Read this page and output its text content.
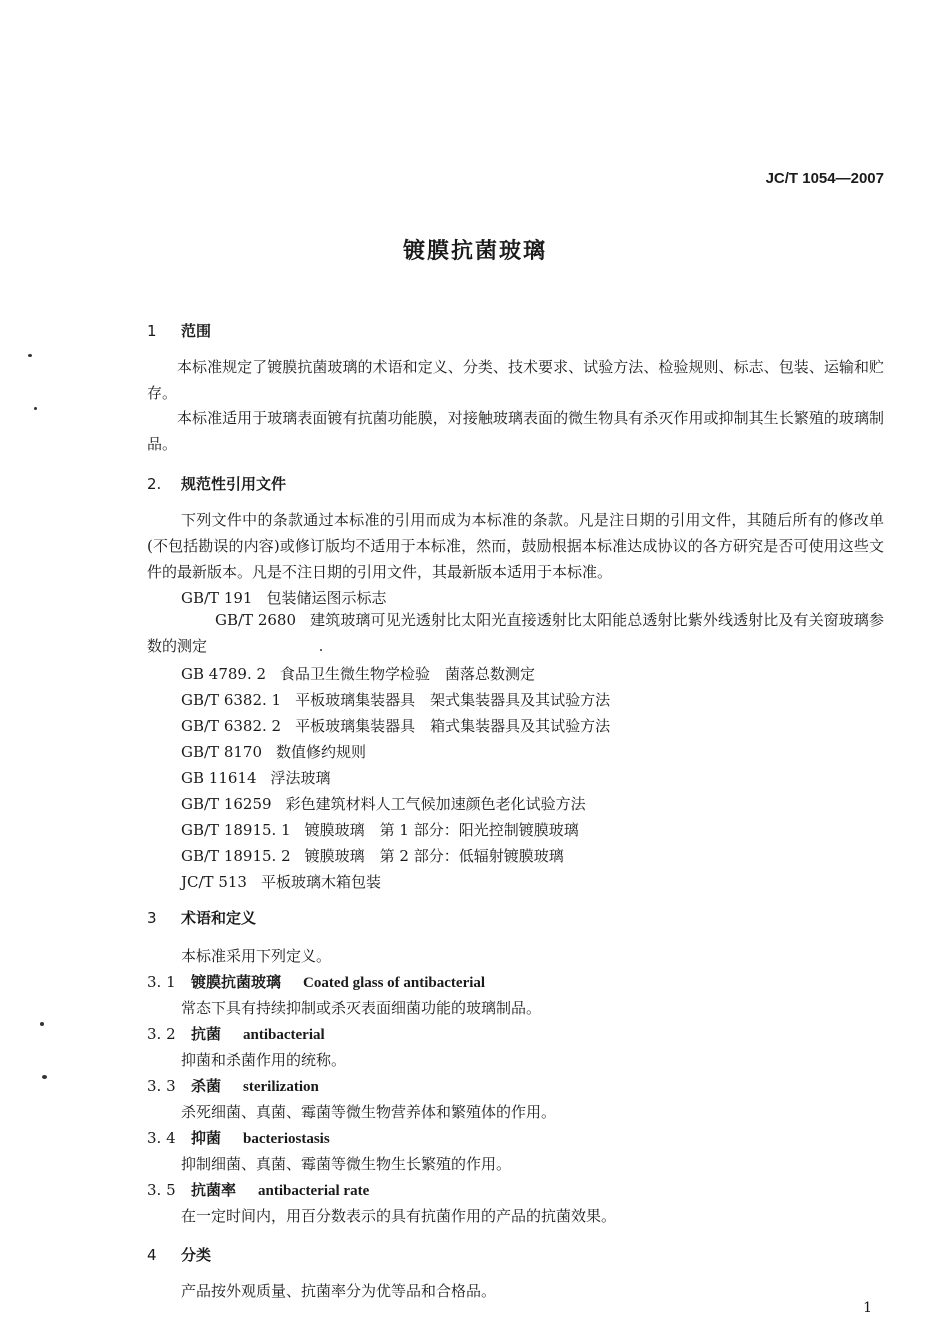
JC/T 1054—2007
镀膜抗菌玻璃
1 范围
本标准规定了镀膜抗菌玻璃的术语和定义、分类、技术要求、试验方法、检验规则、标志、包装、运输和贮存。
本标准适用于玻璃表面镀有抗菌功能膜，对接触玻璃表面的微生物具有杀灭作用或抑制其生长繁殖的玻璃制品。
2. 规范性引用文件
下列文件中的条款通过本标准的引用而成为本标准的条款。凡是注日期的引用文件，其随后所有的修改单(不包括勘误的内容)或修订版均不适用于本标准，然而，鼓励根据本标准达成协议的各方研究是否可使用这些文件的最新版本。凡是不注日期的引用文件，其最新版本适用于本标准。
GB/T 191 包装储运图示标志
GB/T 2680 建筑玻璃可见光透射比太阳光直接透射比太阳能总透射比紫外线透射比及有关窗玻璃参数的测定
GB 4789. 2 食品卫生微生物学检验　菌落总数测定
GB/T 6382. 1 平板玻璃集装器具　架式集装器具及其试验方法
GB/T 6382. 2 平板玻璃集装器具　箱式集装器具及其试验方法
GB/T 8170 数值修约规则
GB 11614 浮法玻璃
GB/T 16259 彩色建筑材料人工气候加速颜色老化试验方法
GB/T 18915. 1 镀膜玻璃　第 1 部分：阳光控制镀膜玻璃
GB/T 18915. 2 镀膜玻璃　第 2 部分：低辐射镀膜玻璃
JC/T 513 平板玻璃木箱包装
3 术语和定义
本标准采用下列定义。
3. 1 镀膜抗菌玻璃 Coated glass of antibacterial
常态下具有持续抑制或杀灭表面细菌功能的玻璃制品。
3. 2 抗菌 antibacterial
抑菌和杀菌作用的统称。
3. 3 杀菌 sterilization
杀死细菌、真菌、霉菌等微生物营养体和繁殖体的作用。
3. 4 抑菌 bacteriostasis
抑制细菌、真菌、霉菌等微生物生长繁殖的作用。
3. 5 抗菌率 antibacterial rate
在一定时间内，用百分数表示的具有抗菌作用的产品的抗菌效果。
4 分类
产品按外观质量、抗菌率分为优等品和合格品。
1
